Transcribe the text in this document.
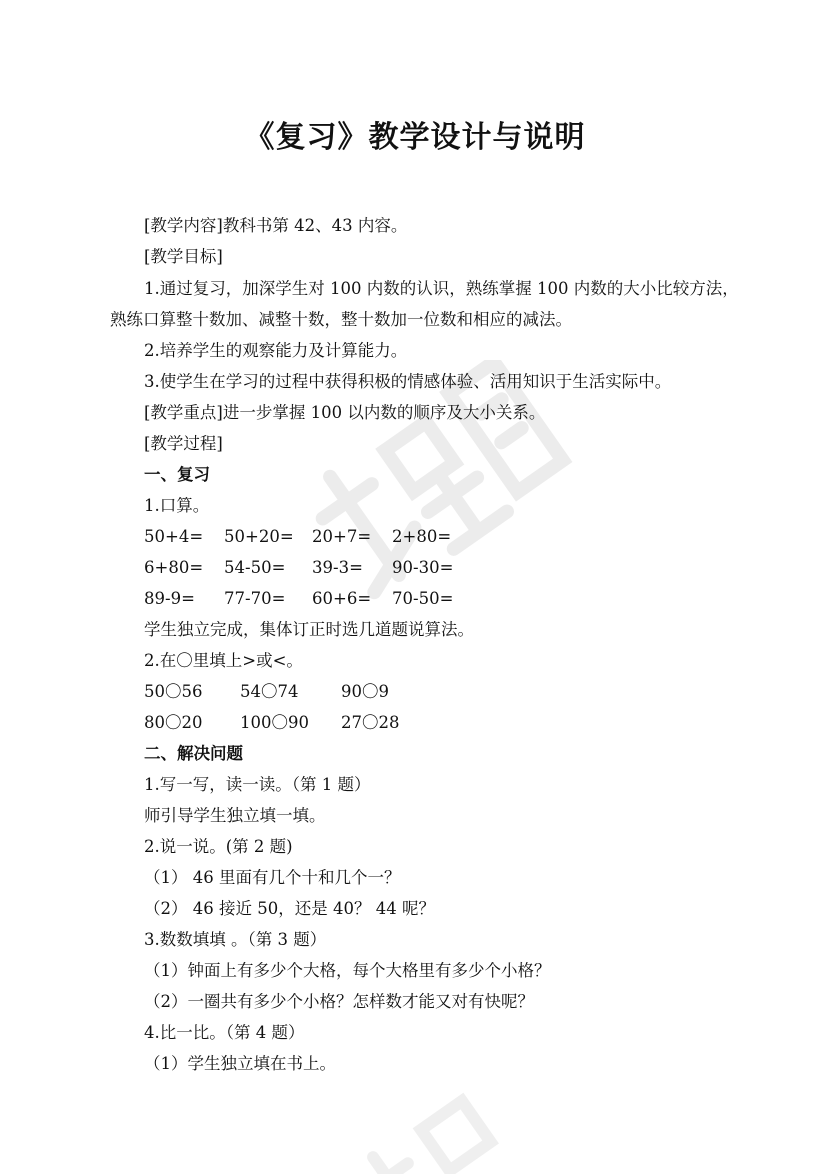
《复习》教学设计与说明
[教学内容]教科书第 42、43 内容。
[教学目标]
1.通过复习，加深学生对 100 内数的认识，熟练掌握 100 内数的大小比较方法，
熟练口算整十数加、减整十数，整十数加一位数和相应的减法。
2.培养学生的观察能力及计算能力。
3.使学生在学习的过程中获得积极的情感体验、活用知识于生活实际中。
[教学重点]进一步掌握 100 以内数的顺序及大小关系。
[教学过程]
一、复习
1.口算。
50+4= 50+20= 20+7= 2+80=
6+80= 54-50= 39-3= 90-30=
89-9= 77-70= 60+6= 70-50=
学生独立完成，集体订正时选几道题说算法。
2.在〇里填上>或<。
50〇56 54〇74	90〇9
80〇20 100〇90 27〇28
二、解决问题
1.写一写，读一读。（第 1 题）
师引导学生独立填一填。
2.说一说。(第 2 题)
（1） 46 里面有几个十和几个一？
（2） 46 接近 50，还是 40？ 44 呢？
3.数数填填 。（第 3 题）
（1）钟面上有多少个大格，每个大格里有多少个小格？
（2）一圈共有多少个小格？怎样数才能又对有快呢？
4.比一比。（第 4 题）
（1）学生独立填在书上。
